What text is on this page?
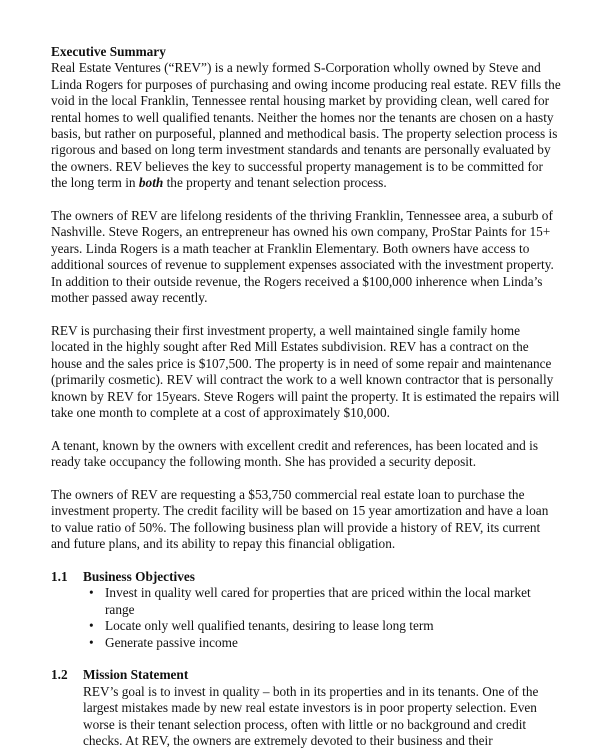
Executive Summary

Real Estate Ventures (“REV”) is a newly formed S-Corporation wholly owned by Steve and Linda Rogers for purposes of purchasing and owing income producing real estate. REV fills the void in the local Franklin, Tennessee rental housing market by providing clean, well cared for rental homes to well qualified tenants. Neither the homes nor the tenants are chosen on a hasty basis, but rather on purposeful, planned and methodical basis. The property selection process is rigorous and based on long term investment standards and tenants are personally evaluated by the owners. REV believes the key to successful property management is to be committed for the long term in both the property and tenant selection process.

The owners of REV are lifelong residents of the thriving Franklin, Tennessee area, a suburb of Nashville. Steve Rogers, an entrepreneur has owned his own company, ProStar Paints for 15+ years. Linda Rogers is a math teacher at Franklin Elementary. Both owners have access to additional sources of revenue to supplement expenses associated with the investment property. In addition to their outside revenue, the Rogers received a $100,000 inherence when Linda’s mother passed away recently.

REV is purchasing their first investment property, a well maintained single family home located in the highly sought after Red Mill Estates subdivision. REV has a contract on the house and the sales price is $107,500. The property is in need of some repair and maintenance (primarily cosmetic). REV will contract the work to a well known contractor that is personally known by REV for 15years. Steve Rogers will paint the property. It is estimated the repairs will take one month to complete at a cost of approximately $10,000.

A tenant, known by the owners with excellent credit and references, has been located and is ready take occupancy the following month. She has provided a security deposit.

The owners of REV are requesting a $53,750 commercial real estate loan to purchase the investment property. The credit facility will be based on 15 year amortization and have a loan to value ratio of 50%. The following business plan will provide a history of REV, its current and future plans, and its ability to repay this financial obligation.

1.1	Business Objectives
• Invest in quality well cared for properties that are priced within the local market range
• Locate only well qualified tenants, desiring to lease long term
• Generate passive income
1.2	Mission Statement

REV’s goal is to invest in quality – both in its properties and in its tenants. One of the largest mistakes made by new real estate investors is in poor property selection. Even worse is their tenant selection process, often with little or no background and credit checks. At REV, the owners are extremely devoted to their business and their
